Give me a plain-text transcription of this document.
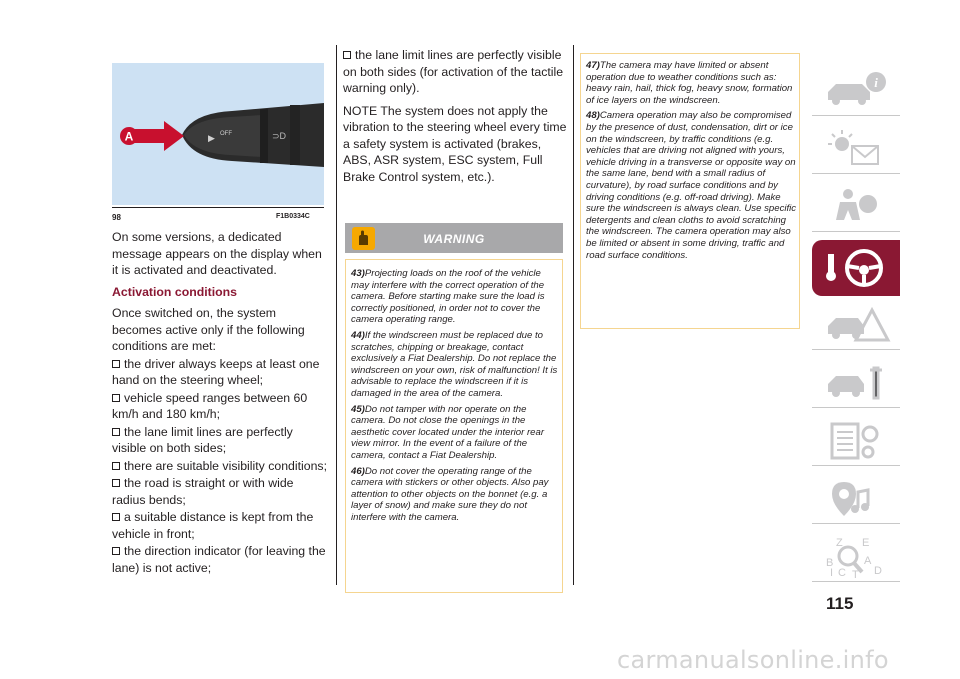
▶ OFF	⊃D
A
98	F1B0334C

On some versions, a dedicated message appears on the display when it is activated and deactivated.

Activation conditions

Once switched on, the system becomes active only if the following conditions are met:

the driver always keeps at least one hand on the steering wheel;

vehicle speed ranges between 60 km/h and 180 km/h;

the lane limit lines are perfectly visible on both sides;

there are suitable visibility conditions;

the road is straight or with wide radius bends;

a suitable distance is kept from the vehicle in front;

the direction indicator (for leaving the lane) is not active;

the lane limit lines are perfectly visible on both sides (for activation of the tactile warning only).

NOTE The system does not apply the vibration to the steering wheel every time a safety system is activated (brakes, ABS, ASR system, ESC system, Full Brake Control system, etc.).

WARNING

43)Projecting loads on the roof of the vehicle may interfere with the correct operation of the camera. Before starting make sure the load is correctly positioned, in order not to cover the camera operating range.

44)If the windscreen must be replaced due to scratches, chipping or breakage, contact exclusively a Fiat Dealership. Do not replace the windscreen on your own, risk of malfunction! It is advisable to replace the windscreen if it is damaged in the area of the camera.

45)Do not tamper with nor operate on the camera. Do not close the openings in the aesthetic cover located under the interior rear view mirror. In the event of a failure of the camera, contact a Fiat Dealership.

46)Do not cover the operating range of the camera with stickers or other objects. Also pay attention to other objects on the bonnet (e.g. a layer of snow) and make sure they do not interfere with the camera.

47)The camera may have limited or absent operation due to weather conditions such as: heavy rain, hail, thick fog, heavy snow, formation of ice layers on the windscreen.

48)Camera operation may also be compromised by the presence of dust, condensation, dirt or ice on the windscreen, by traffic conditions (e.g. vehicles that are driving not aligned with yours, vehicle driving in a transverse or opposite way on the same lane, bend with a small radius of curvature), by road surface conditions and by driving conditions (e.g. off-road driving). Make sure the windscreen is always clean. Use specific detergents and clean cloths to avoid scratching the windscreen. The camera operation may also be limited or absent in some driving, traffic and road surface conditions.

i
Z E
B	A
C	D
T
I
115
carmanualsonline.info
